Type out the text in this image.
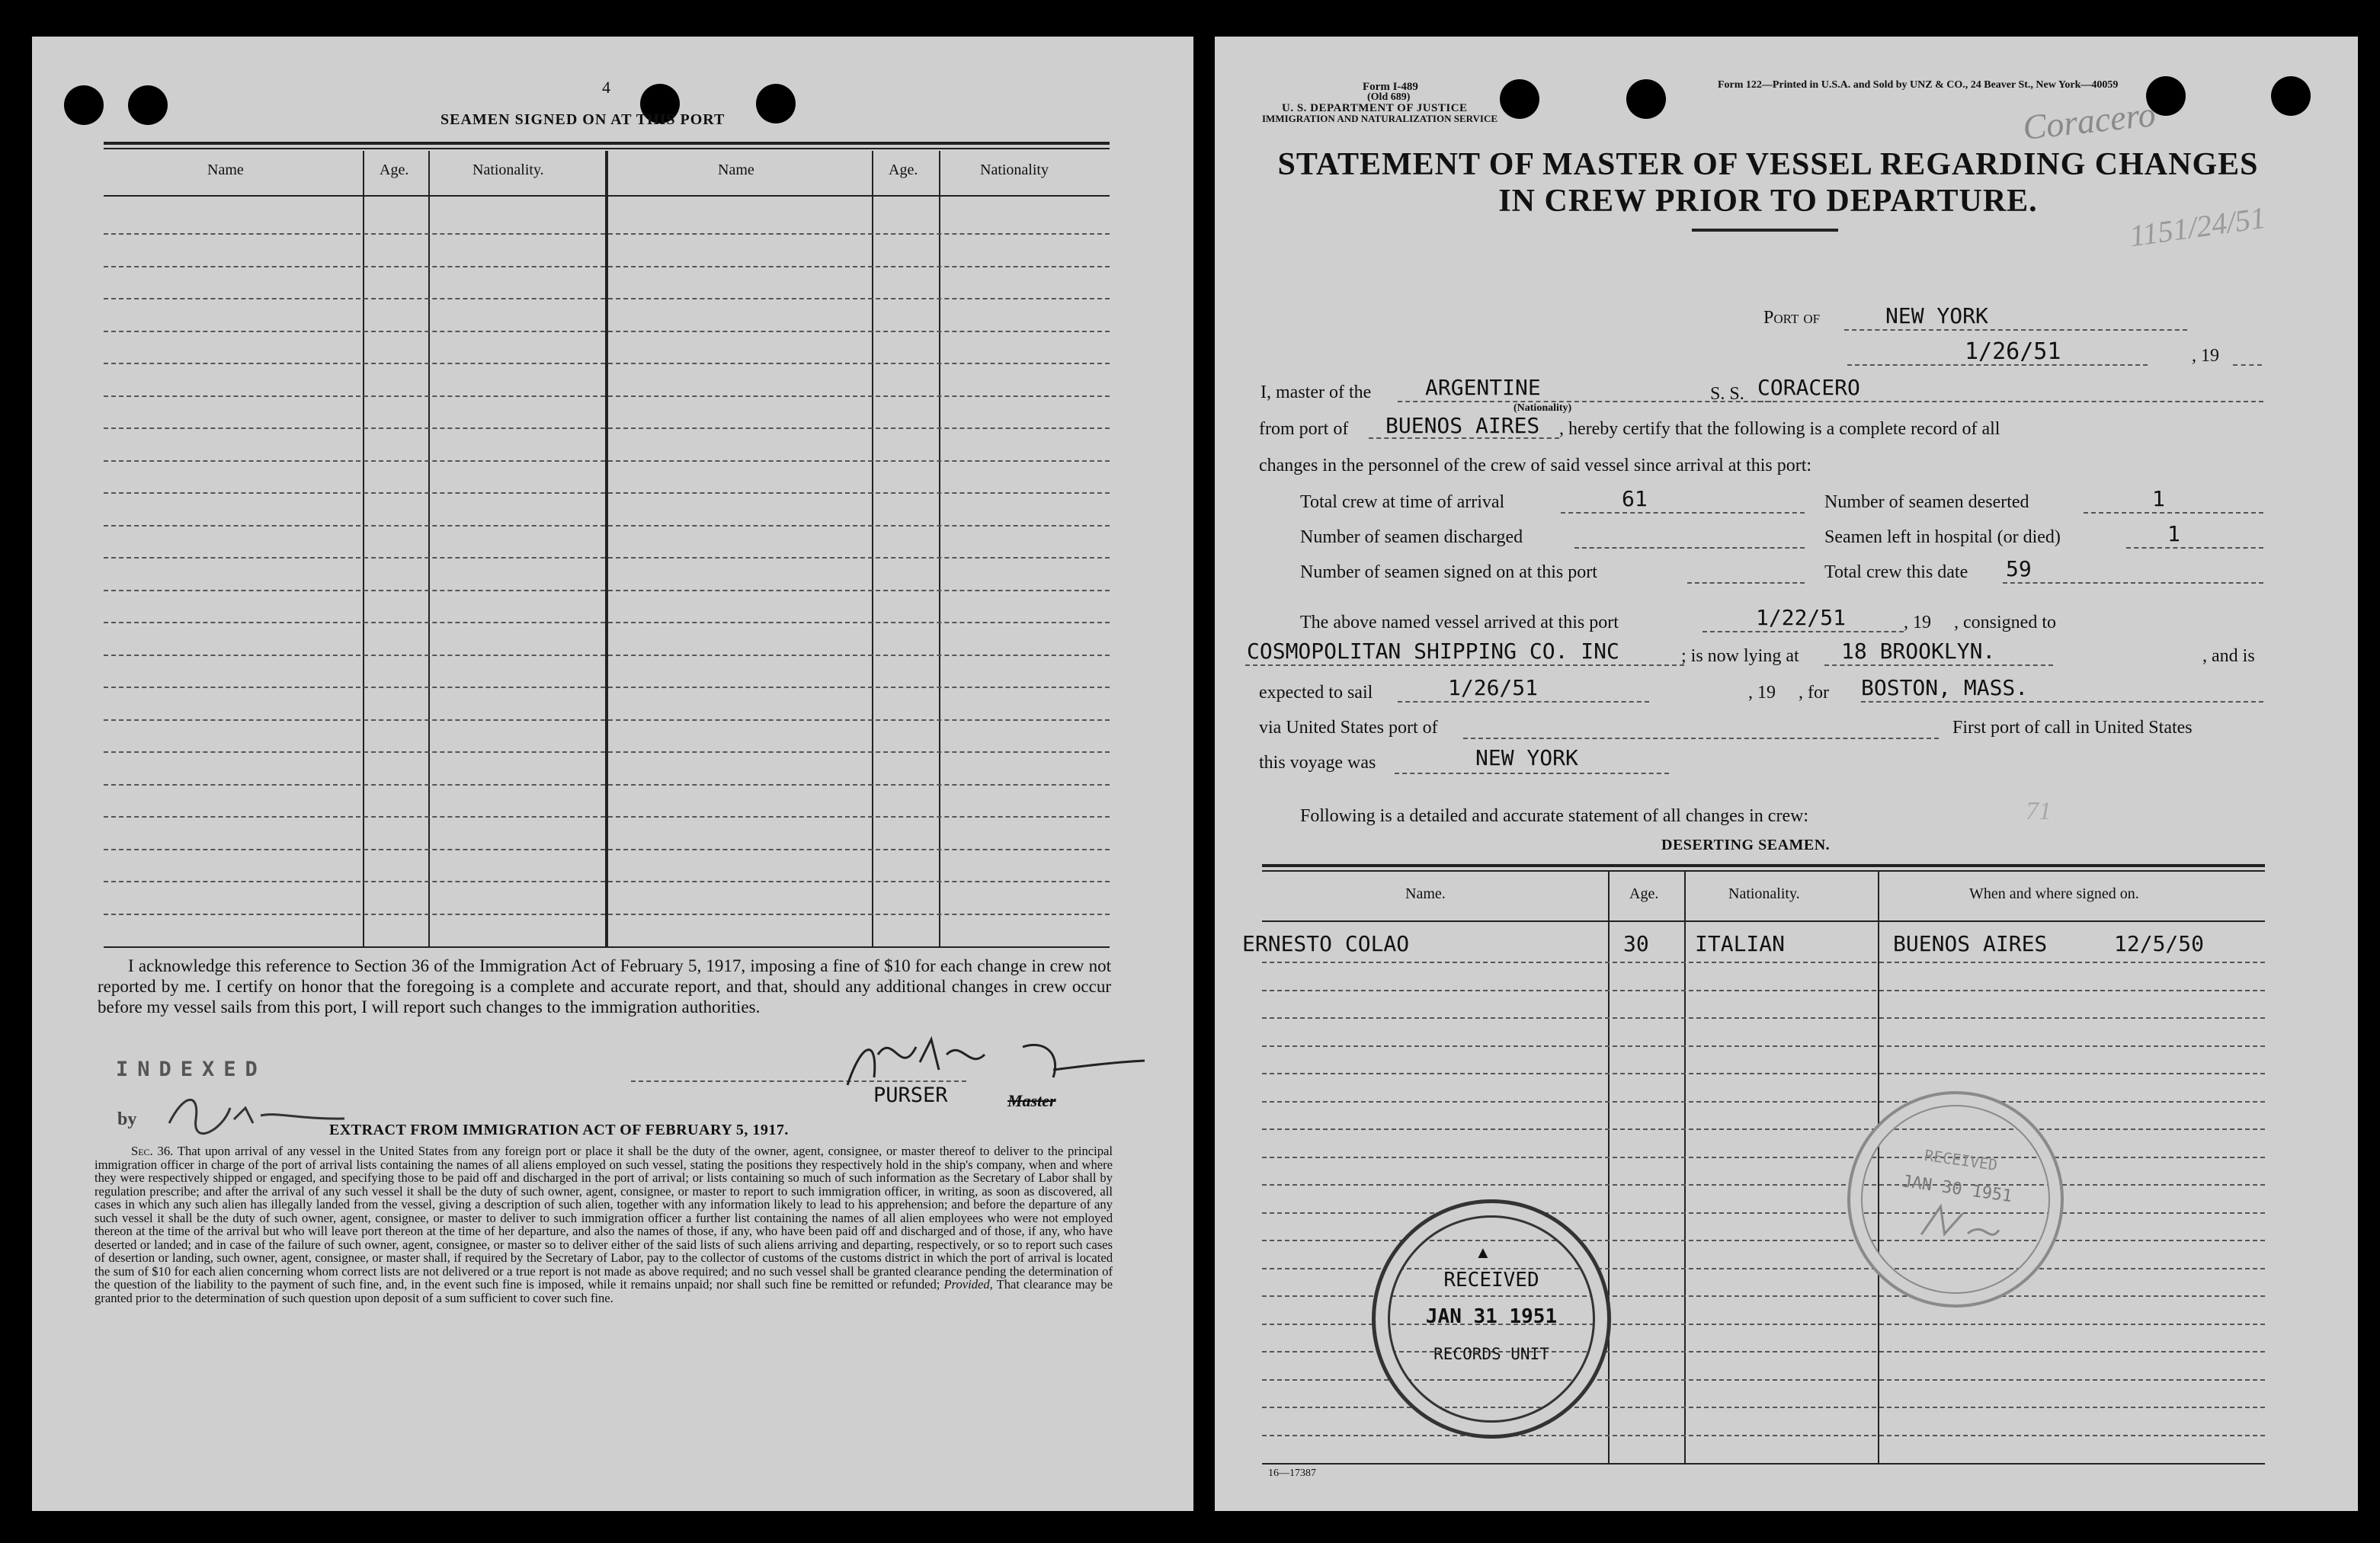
4
SEAMEN SIGNED ON AT THIS PORT
Name	Age.	Nationality.	Name	Age.	Nationality
I acknowledge this reference to Section 36 of the Immigration Act of February 5, 1917, imposing a fine of $10 for each change in crew not reported by me. I certify on honor that the foregoing is a complete and accurate report, and that, should any additional changes in crew occur before my vessel sails from this port, I will report such changes to the immigration authorities.
INDEXED
by
PURSER	Master
EXTRACT FROM IMMIGRATION ACT OF FEBRUARY 5, 1917.
Sec. 36. That upon arrival of any vessel in the United States from any foreign port or place it shall be the duty of the owner, agent, consignee, or master thereof to deliver to the principal immigration officer in charge of the port of arrival lists containing the names of all aliens employed on such vessel, stating the positions they respectively hold in the ship's company, when and where they were respectively shipped or engaged, and specifying those to be paid off and discharged in the port of arrival; or lists containing so much of such information as the Secretary of Labor shall by regulation prescribe; and after the arrival of any such vessel it shall be the duty of such owner, agent, consignee, or master to report to such immigration officer, in writing, as soon as discovered, all cases in which any such alien has illegally landed from the vessel, giving a description of such alien, together with any information likely to lead to his apprehension; and before the departure of any such vessel it shall be the duty of such owner, agent, consignee, or master to deliver to such immigration officer a further list containing the names of all alien employees who were not employed thereon at the time of the arrival but who will leave port thereon at the time of her departure, and also the names of those, if any, who have been paid off and discharged and of those, if any, who have deserted or landed; and in case of the failure of such owner, agent, consignee, or master so to deliver either of the said lists of such aliens arriving and departing, respectively, or so to report such cases of desertion or landing, such owner, agent, consignee, or master shall, if required by the Secretary of Labor, pay to the collector of customs of the customs district in which the port of arrival is located the sum of $10 for each alien concerning whom correct lists are not delivered or a true report is not made as above required; and no such vessel shall be granted clearance pending the determination of the question of the liability to the payment of such fine, and, in the event such fine is imposed, while it remains unpaid; nor shall such fine be remitted or refunded; Provided, That clearance may be granted prior to the determination of such question upon deposit of a sum sufficient to cover such fine.
Form I-489
(Old 689)
U. S. DEPARTMENT OF JUSTICE
IMMIGRATION AND NATURALIZATION SERVICE
Form 122—Printed in U.S.A. and Sold by UNZ & CO., 24 Beaver St., New York—40059
Coracero
1151/24/51
STATEMENT OF MASTER OF VESSEL REGARDING CHANGES
IN CREW PRIOR TO DEPARTURE.
Port of	NEW YORK
1/26/51	, 19
I, master of the	ARGENTINE
(Nationality)
S. S. CORACERO
from port of BUENOS AIRES , hereby certify that the following is a complete record of all
changes in the personnel of the crew of said vessel since arrival at this port:
Total crew at time of arrival	61	Number of seamen deserted	1
Number of seamen discharged	Seamen left in hospital (or died)	1
Number of seamen signed on at this port	Total crew this date 59
The above named vessel arrived at this port	1/22/51	, 19     , consigned to
COSMOPOLITAN SHIPPING CO. INC	; is now lying at 18 BROOKLYN.	, and is
expected to sail	1/26/51	, 19     , for BOSTON, MASS.
via United States port of	First port of call in United States
this voyage was	NEW YORK
Following is a detailed and accurate statement of all changes in crew:	71
DESERTING SEAMEN.
Name.	Age.	Nationality.	When and where signed on.
ERNESTO COLAO	30 ITALIAN	BUENOS AIRES	12/5/50
▲
RECEIVED
JAN 31 1951
RECORDS UNIT
RECEIVED
JAN 30 1951
16—17387
